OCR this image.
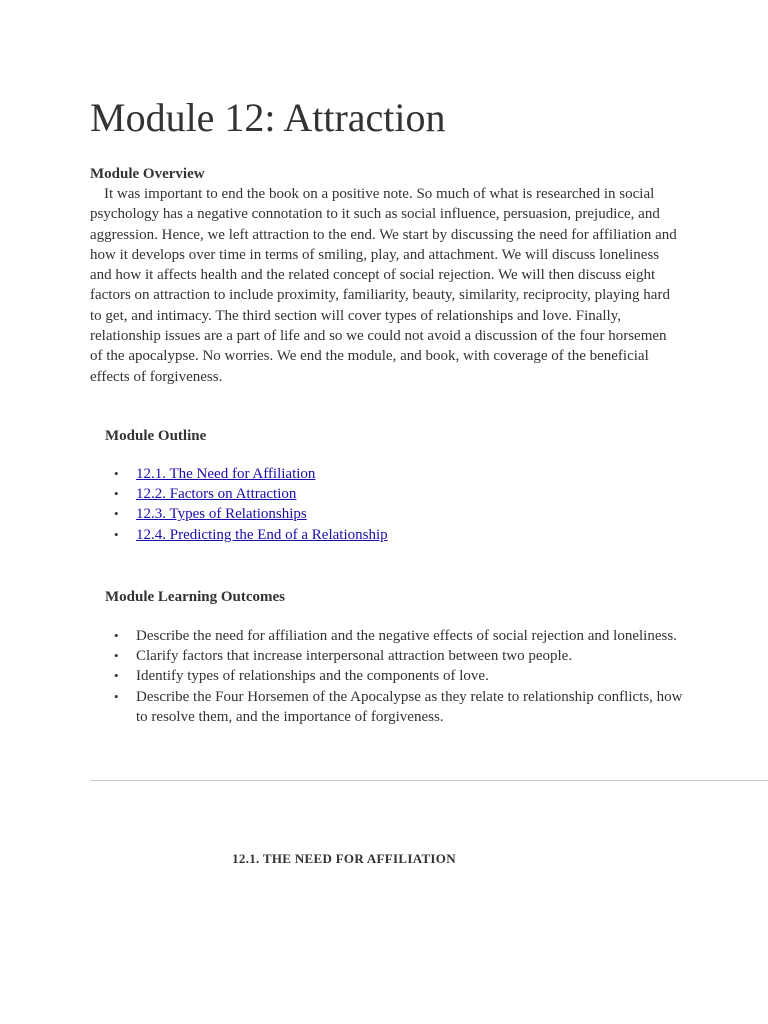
Module 12: Attraction
Module Overview

It was important to end the book on a positive note. So much of what is researched in social psychology has a negative connotation to it such as social influence, persuasion, prejudice, and aggression. Hence, we left attraction to the end. We start by discussing the need for affiliation and how it develops over time in terms of smiling, play, and attachment. We will discuss loneliness and how it affects health and the related concept of social rejection. We will then discuss eight factors on attraction to include proximity, familiarity, beauty, similarity, reciprocity, playing hard to get, and intimacy. The third section will cover types of relationships and love. Finally, relationship issues are a part of life and so we could not avoid a discussion of the four horsemen of the apocalypse. No worries. We end the module, and book, with coverage of the beneficial effects of forgiveness.

Module Outline
• 12.1. The Need for Affiliation
• 12.2. Factors on Attraction
• 12.3. Types of Relationships
• 12.4. Predicting the End of a Relationship
Module Learning Outcomes
• Describe the need for affiliation and the negative effects of social rejection and loneliness.
• Clarify factors that increase interpersonal attraction between two people.
• Identify types of relationships and the components of love.
• Describe the Four Horsemen of the Apocalypse as they relate to relationship conflicts, how to resolve them, and the importance of forgiveness.
12.1. THE NEED FOR AFFILIATION
